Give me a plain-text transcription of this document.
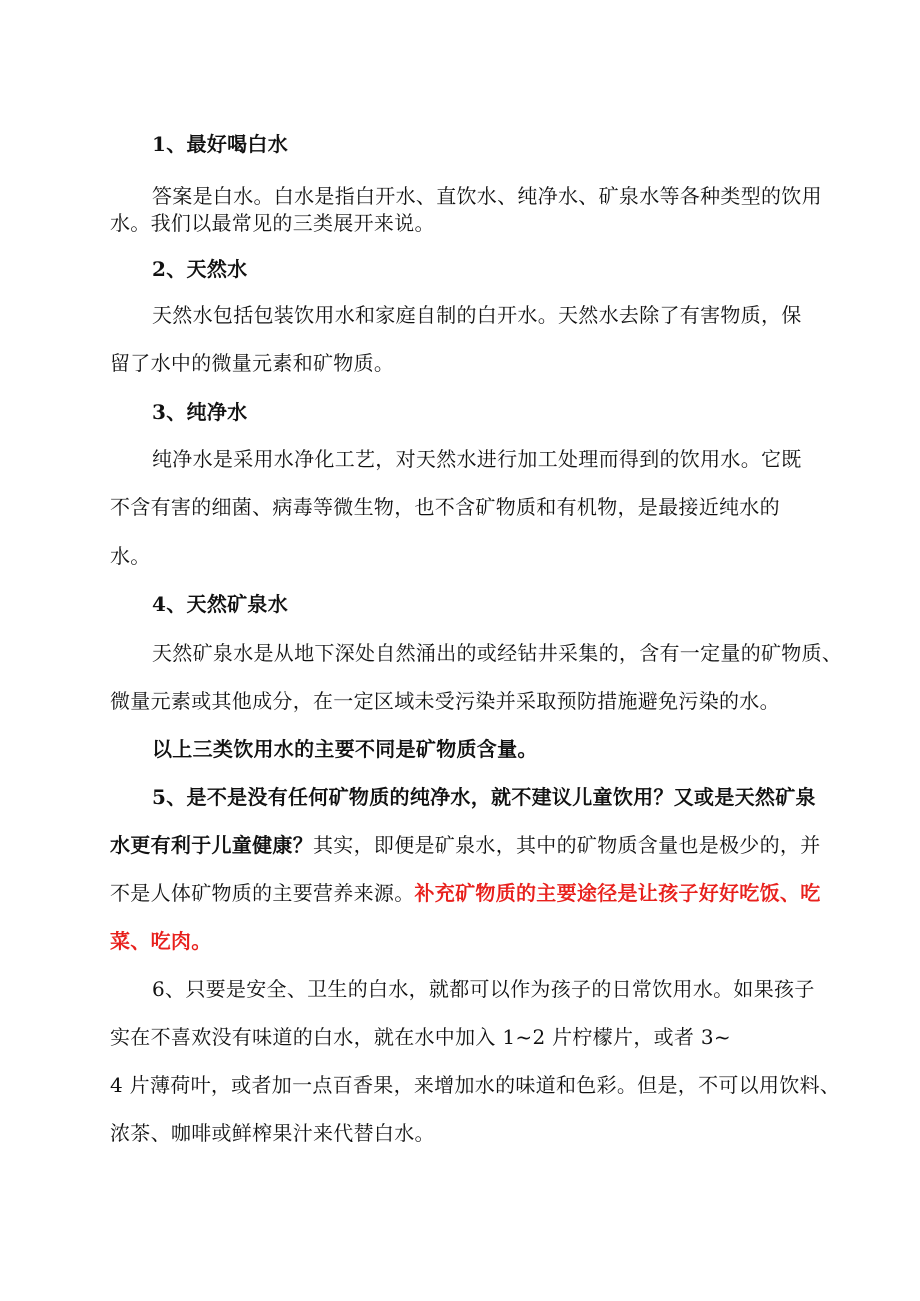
1、最好喝白水
答案是白水。白水是指白开水、直饮水、纯净水、矿泉水等各种类型的饮用
水。我们以最常见的三类展开来说。
2、天然水
天然水包括包装饮用水和家庭自制的白开水。天然水去除了有害物质，保
留了水中的微量元素和矿物质。
3、纯净水
纯净水是采用水净化工艺，对天然水进行加工处理而得到的饮用水。它既
不含有害的细菌、病毒等微生物，也不含矿物质和有机物，是最接近纯水的
水。
4、天然矿泉水
天然矿泉水是从地下深处自然涌出的或经钻井采集的，含有一定量的矿物质、
微量元素或其他成分，在一定区域未受污染并采取预防措施避免污染的水。
以上三类饮用水的主要不同是矿物质含量。
5、是不是没有任何矿物质的纯净水，就不建议儿童饮用？又或是天然矿泉
水更有利于儿童健康？其实，即便是矿泉水，其中的矿物质含量也是极少的，并
不是人体矿物质的主要营养来源。补充矿物质的主要途径是让孩子好好吃饭、吃
菜、吃肉。
6、只要是安全、卫生的白水，就都可以作为孩子的日常饮用水。如果孩子
实在不喜欢没有味道的白水，就在水中加入 1~2 片柠檬片，或者 3~
4 片薄荷叶，或者加一点百香果，来增加水的味道和色彩。但是，不可以用饮料、
浓茶、咖啡或鲜榨果汁来代替白水。
